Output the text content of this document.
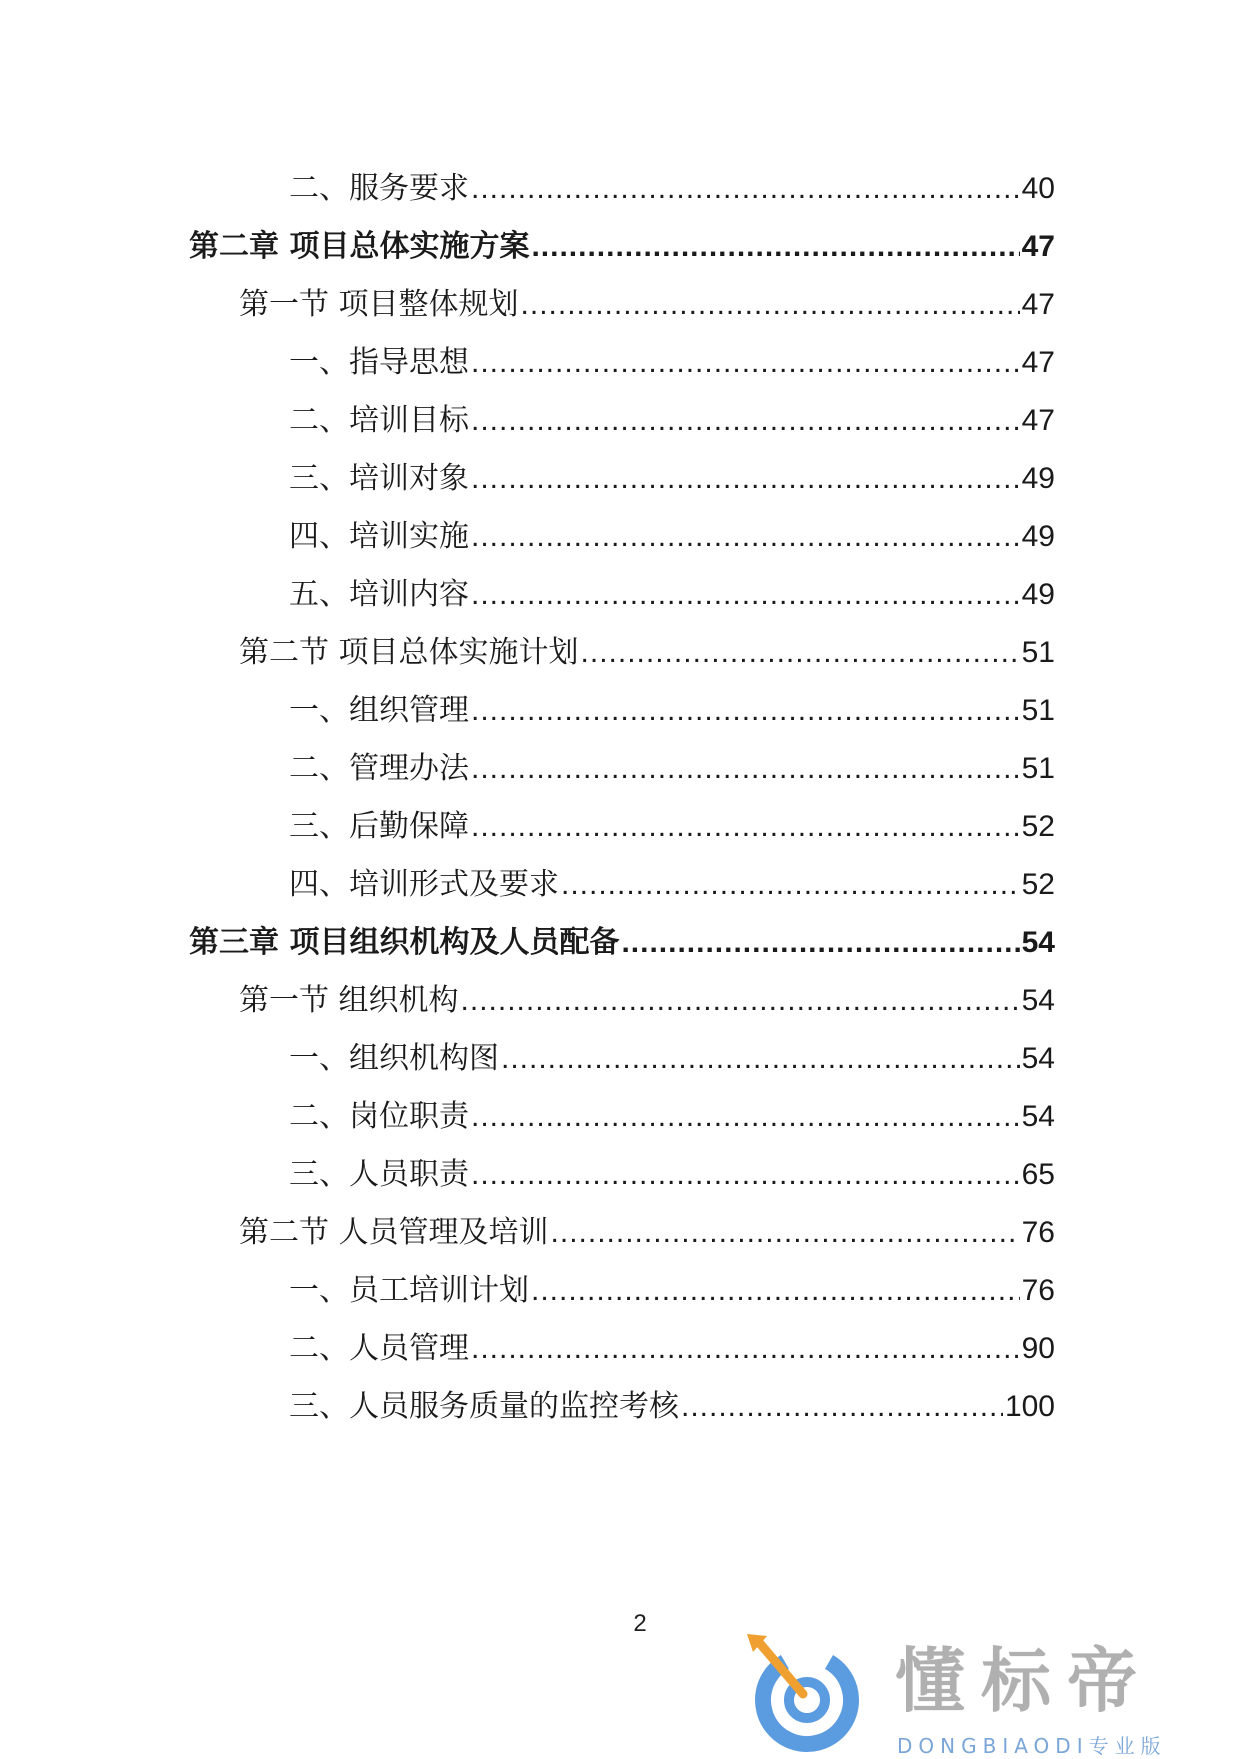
二、服务要求 .....	40
第二章 项目总体实施方案 .....	47
第一节 项目整体规划 .....	47
一、指导思想 .....	47
二、培训目标 .....	47
三、培训对象 .....	49
四、培训实施 .....	49
五、培训内容 .....	49
第二节 项目总体实施计划 .....	51
一、组织管理 .....	51
二、管理办法 .....	51
三、后勤保障 .....	52
四、培训形式及要求 .....	52
第三章 项目组织机构及人员配备 .....	54
第一节 组织机构 .....	54
一、组织机构图 .....	54
二、岗位职责 .....	54
三、人员职责 .....	65
第二节 人员管理及培训 .....	76
一、员工培训计划 .....	76
二、人员管理 .....	90
三、人员服务质量的监控考核 .....	100
2
懂标帝
DONGBIAODI专业版
